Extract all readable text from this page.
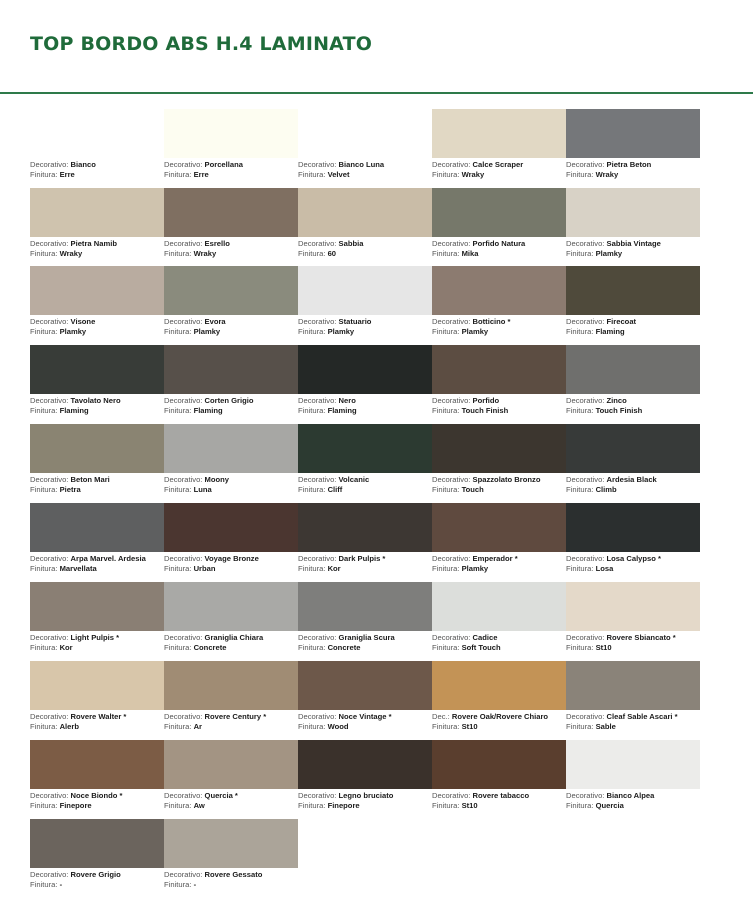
TOP BORDO ABS H.4 LAMINATO
Decorativo: Bianco
Finitura: Erre
Decorativo: Porcellana
Finitura: Erre
Decorativo: Bianco Luna
Finitura: Velvet
Decorativo: Calce Scraper
Finitura: Wraky
Decorativo: Pietra Beton
Finitura: Wraky
Decorativo: Pietra Namib
Finitura: Wraky
Decorativo: Esrello
Finitura: Wraky
Decorativo: Sabbia
Finitura: 60
Decorativo: Porfido Natura
Finitura: Mika
Decorativo: Sabbia Vintage
Finitura: Plamky
Decorativo: Visone
Finitura: Plamky
Decorativo: Evora
Finitura: Plamky
Decorativo: Statuario
Finitura: Plamky
Decorativo: Botticino *
Finitura: Plamky
Decorativo: Firecoat
Finitura: Flaming
Decorativo: Tavolato Nero
Finitura: Flaming
Decorativo: Corten Grigio
Finitura: Flaming
Decorativo: Nero
Finitura: Flaming
Decorativo: Porfido
Finitura: Touch Finish
Decorativo: Zinco
Finitura: Touch Finish
Decorativo: Beton Mari
Finitura: Pietra
Decorativo: Moony
Finitura: Luna
Decorativo: Volcanic
Finitura: Cliff
Decorativo: Spazzolato Bronzo
Finitura: Touch
Decorativo: Ardesia Black
Finitura: Climb
Decorativo: Arpa Marvel. Ardesia
Finitura: Marvellata
Decorativo: Voyage Bronze
Finitura: Urban
Decorativo: Dark Pulpis *
Finitura: Kor
Decorativo: Emperador *
Finitura: Plamky
Decorativo: Losa Calypso *
Finitura: Losa
Decorativo: Light Pulpis *
Finitura: Kor
Decorativo: Graniglia Chiara
Finitura: Concrete
Decorativo: Graniglia Scura
Finitura: Concrete
Decorativo: Cadice
Finitura: Soft Touch
Decorativo: Rovere Sbiancato *
Finitura: St10
Decorativo: Rovere Walter *
Finitura: Alerb
Decorativo: Rovere Century *
Finitura: Ar
Decorativo: Noce Vintage *
Finitura: Wood
Dec.: Rovere Oak/Rovere Chiaro
Finitura: St10
Decorativo: Cleaf Sable Ascari *
Finitura: Sable
Decorativo: Noce Biondo *
Finitura: Finepore
Decorativo: Quercia *
Finitura: Aw
Decorativo: Legno bruciato
Finitura: Finepore
Decorativo: Rovere tabacco
Finitura: St10
Decorativo: Bianco Alpea
Finitura: Quercia
Decorativo: Rovere Grigio
Finitura: -
Decorativo: Rovere Gessato
Finitura: -
